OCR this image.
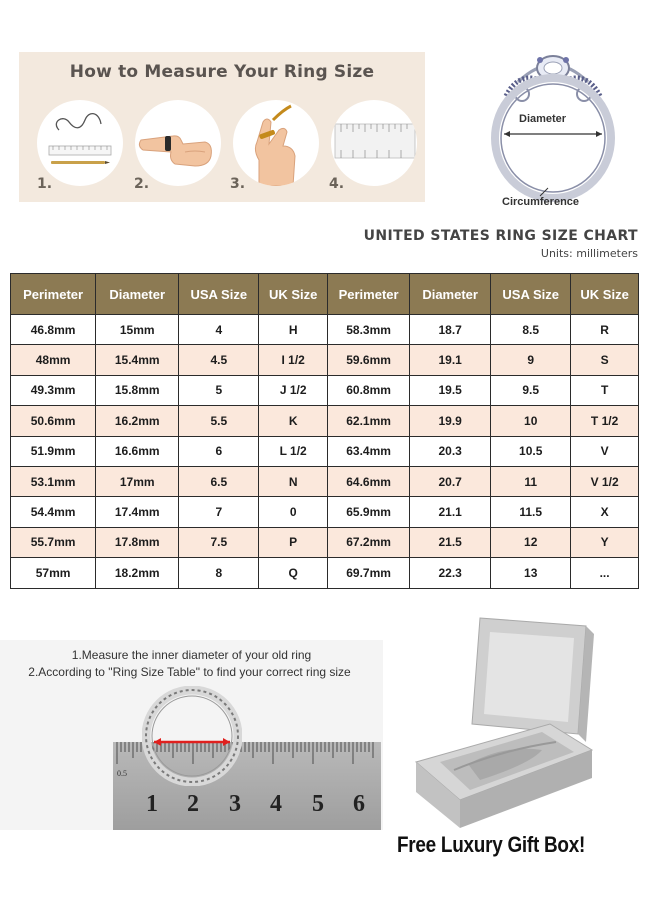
How to Measure Your Ring Size
1.	2.	3.	4.
Diameter
Circumference
UNITED STATES RING SIZE CHART
Units: millimeters
Perimeter	Diameter	USA Size	UK Size	Perimeter	Diameter	USA Size	UK Size
46.8mm	15mm	4	H	58.3mm	18.7	8.5	R
48mm	15.4mm	4.5	I 1/2	59.6mm	19.1	9	S
49.3mm	15.8mm	5	J 1/2	60.8mm	19.5	9.5	T
50.6mm	16.2mm	5.5	K	62.1mm	19.9	10	T 1/2
51.9mm	16.6mm	6	L 1/2	63.4mm	20.3	10.5	V
53.1mm	17mm	6.5	N	64.6mm	20.7	11	V 1/2
54.4mm	17.4mm	7	0	65.9mm	21.1	11.5	X
55.7mm	17.8mm	7.5	P	67.2mm	21.5	12	Y
57mm	18.2mm	8	Q	69.7mm	22.3	13	...
1.Measure the inner diameter of your old ring
2.According to "Ring Size Table" to find your correct ring size
0.5
1 2 3 4 5 6
Free Luxury Gift Box!
